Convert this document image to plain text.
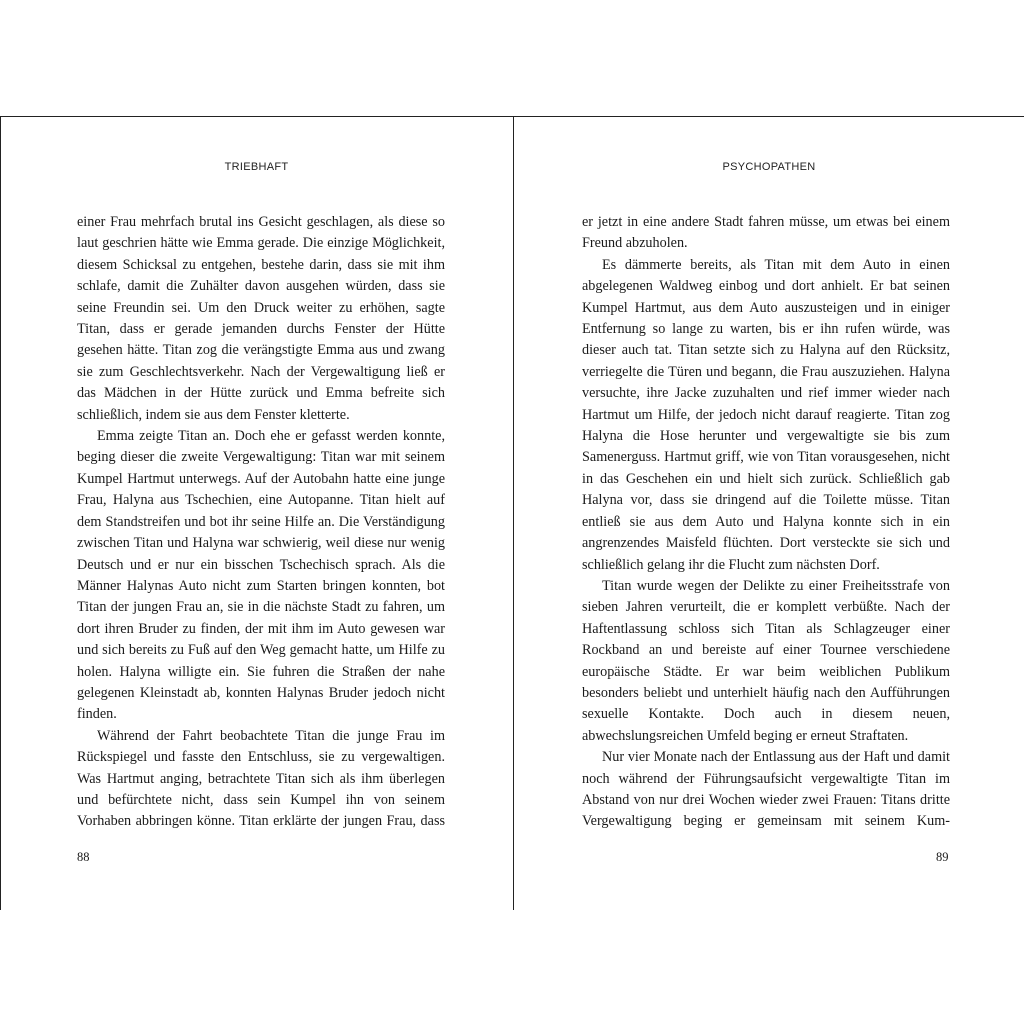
TRIEBHAFT

einer Frau mehrfach brutal ins Gesicht geschlagen, als diese so laut geschrien hätte wie Emma gerade. Die einzige Möglichkeit, diesem Schicksal zu entgehen, bestehe darin, dass sie mit ihm schlafe, damit die Zuhälter davon ausgehen würden, dass sie seine Freundin sei. Um den Druck weiter zu erhöhen, sagte Titan, dass er gerade jemanden durchs Fenster der Hütte gesehen hätte. Titan zog die verängstigte Emma aus und zwang sie zum Geschlechtsverkehr. Nach der Vergewaltigung ließ er das Mädchen in der Hütte zurück und Emma befreite sich schließlich, indem sie aus dem Fenster kletterte.

Emma zeigte Titan an. Doch ehe er gefasst werden konnte, beging dieser die zweite Vergewaltigung: Titan war mit seinem Kumpel Hartmut unterwegs. Auf der Autobahn hatte eine junge Frau, Halyna aus Tschechien, eine Autopanne. Titan hielt auf dem Standstreifen und bot ihr seine Hilfe an. Die Verständigung zwischen Titan und Halyna war schwierig, weil diese nur wenig Deutsch und er nur ein bisschen Tschechisch sprach. Als die Männer Halynas Auto nicht zum Starten bringen konnten, bot Titan der jungen Frau an, sie in die nächste Stadt zu fahren, um dort ihren Bruder zu finden, der mit ihm im Auto gewesen war und sich bereits zu Fuß auf den Weg gemacht hatte, um Hilfe zu holen. Halyna willigte ein. Sie fuhren die Straßen der nahe gelegenen Kleinstadt ab, konnten Halynas Bruder jedoch nicht finden.

Während der Fahrt beobachtete Titan die junge Frau im Rückspiegel und fasste den Entschluss, sie zu vergewaltigen. Was Hartmut anging, betrachtete Titan sich als ihm überlegen und befürchtete nicht, dass sein Kumpel ihn von seinem Vorhaben abbringen könne. Titan erklärte der jungen Frau, dass

88
PSYCHOPATHEN

er jetzt in eine andere Stadt fahren müsse, um etwas bei einem Freund abzuholen.

Es dämmerte bereits, als Titan mit dem Auto in einen abgelegenen Waldweg einbog und dort anhielt. Er bat seinen Kumpel Hartmut, aus dem Auto auszusteigen und in einiger Entfernung so lange zu warten, bis er ihn rufen würde, was dieser auch tat. Titan setzte sich zu Halyna auf den Rücksitz, verriegelte die Türen und begann, die Frau auszuziehen. Halyna versuchte, ihre Jacke zuzuhalten und rief immer wieder nach Hartmut um Hilfe, der jedoch nicht darauf reagierte. Titan zog Halyna die Hose herunter und vergewaltigte sie bis zum Samenerguss. Hartmut griff, wie von Titan vorausgesehen, nicht in das Geschehen ein und hielt sich zurück. Schließlich gab Halyna vor, dass sie dringend auf die Toilette müsse. Titan entließ sie aus dem Auto und Halyna konnte sich in ein angrenzendes Maisfeld flüchten. Dort versteckte sie sich und schließlich gelang ihr die Flucht zum nächsten Dorf.

Titan wurde wegen der Delikte zu einer Freiheitsstrafe von sieben Jahren verurteilt, die er komplett verbüßte. Nach der Haftentlassung schloss sich Titan als Schlagzeuger einer Rockband an und bereiste auf einer Tournee verschiedene europäische Städte. Er war beim weiblichen Publikum besonders beliebt und unterhielt häufig nach den Aufführungen sexuelle Kontakte. Doch auch in diesem neuen, abwechslungsreichen Umfeld beging er erneut Straftaten.

Nur vier Monate nach der Entlassung aus der Haft und damit noch während der Führungsaufsicht vergewaltigte Titan im Abstand von nur drei Wochen wieder zwei Frauen: Titans dritte Vergewaltigung beging er gemeinsam mit seinem Kum-

89
